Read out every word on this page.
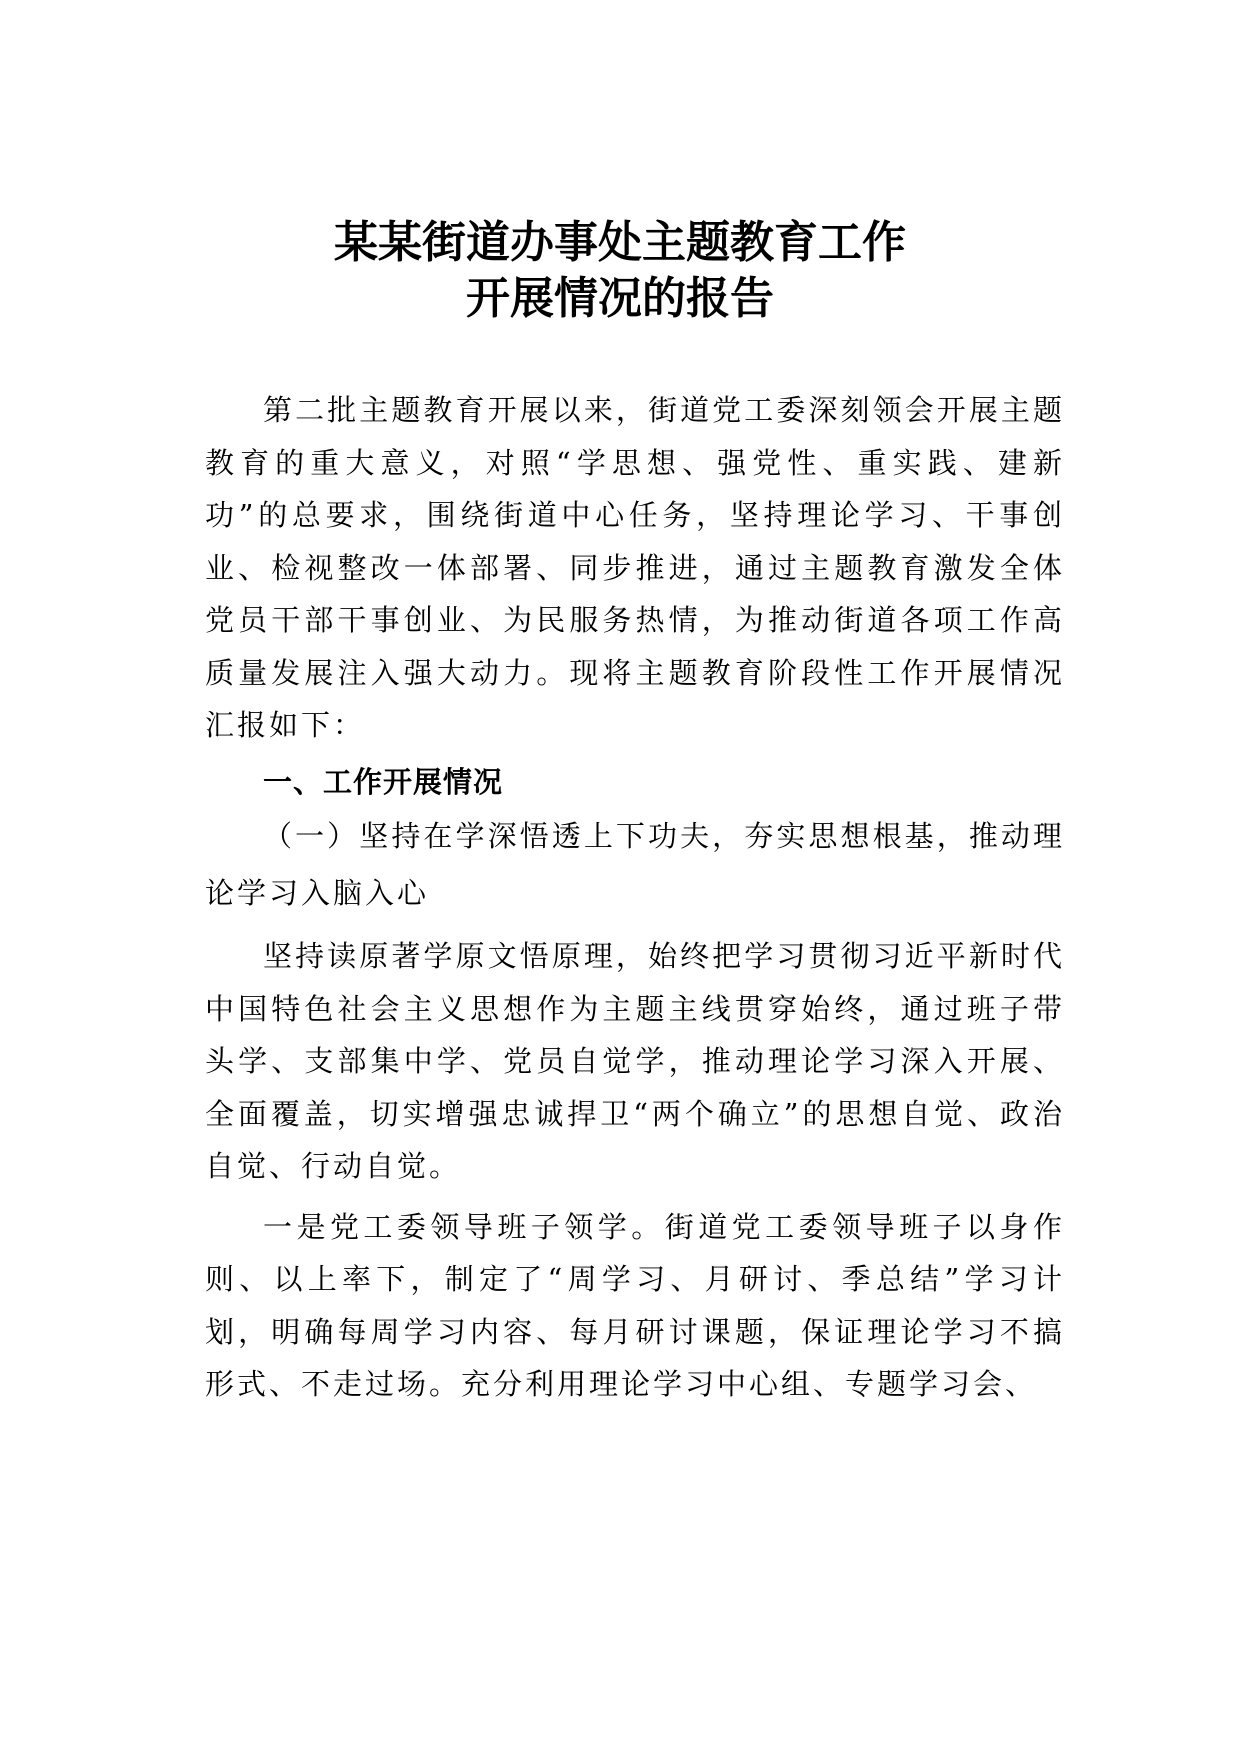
某某街道办事处主题教育工作
开展情况的报告

第二批主题教育开展以来，街道党工委深刻领会开展主题教育的重大意义，对照“学思想、强党性、重实践、建新功”的总要求，围绕街道中心任务，坚持理论学习、干事创业、检视整改一体部署、同步推进，通过主题教育激发全体党员干部干事创业、为民服务热情，为推动街道各项工作高质量发展注入强大动力。现将主题教育阶段性工作开展情况汇报如下：

一、工作开展情况

（一）坚持在学深悟透上下功夫，夯实思想根基，推动理论学习入脑入心

坚持读原著学原文悟原理，始终把学习贯彻习近平新时代中国特色社会主义思想作为主题主线贯穿始终，通过班子带头学、支部集中学、党员自觉学，推动理论学习深入开展、全面覆盖，切实增强忠诚捍卫“两个确立”的思想自觉、政治自觉、行动自觉。

一是党工委领导班子领学。街道党工委领导班子以身作则、以上率下，制定了“周学习、月研讨、季总结”学习计划，明确每周学习内容、每月研讨课题，保证理论学习不搞形式、不走过场。充分利用理论学习中心组、专题学习会、
